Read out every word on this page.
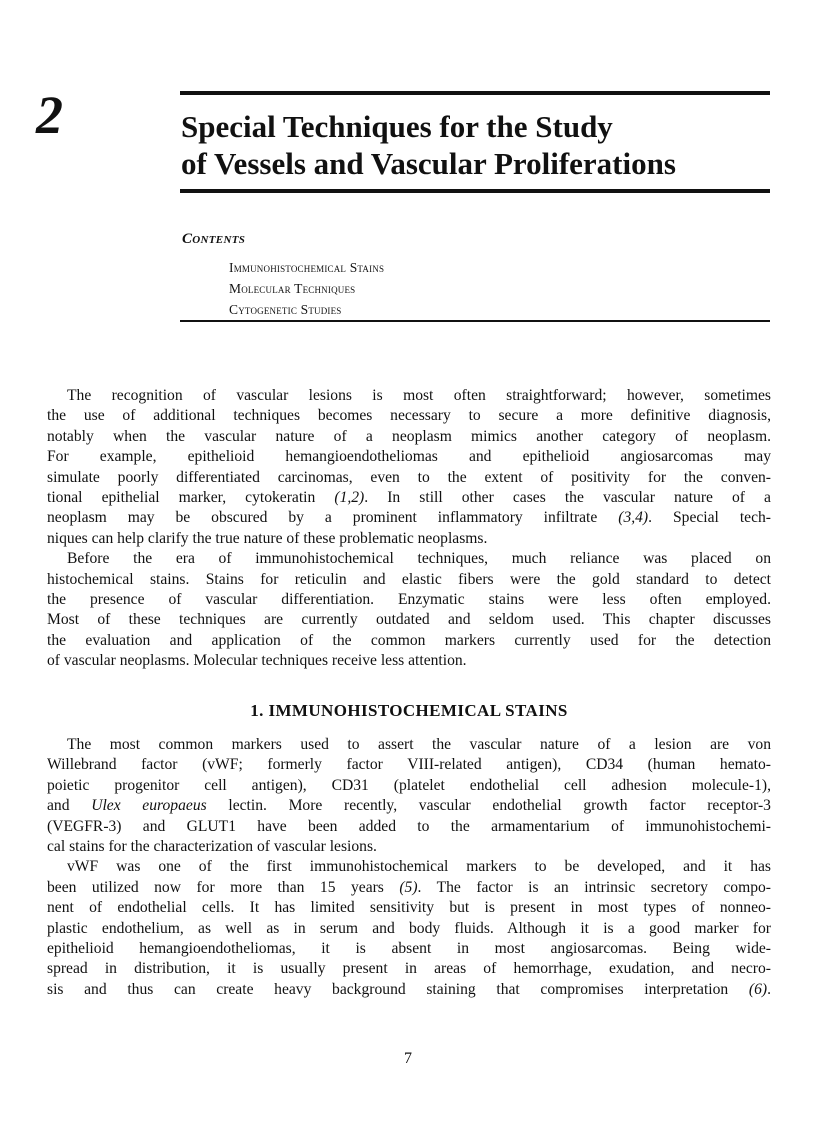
2	Special Techniques for the Study
of Vessels and Vascular Proliferations
Contents
Immunohistochemical Stains
Molecular Techniques
Cytogenetic Studies
The recognition of vascular lesions is most often straightforward; however, sometimes
the use of additional techniques becomes necessary to secure a more definitive diagnosis,
notably when the vascular nature of a neoplasm mimics another category of neoplasm.
For example, epithelioid hemangioendotheliomas and epithelioid angiosarcomas may
simulate poorly differentiated carcinomas, even to the extent of positivity for the conven-
tional epithelial marker, cytokeratin (1,2). In still other cases the vascular nature of a
neoplasm may be obscured by a prominent inflammatory infiltrate (3,4). Special tech-
niques can help clarify the true nature of these problematic neoplasms.
Before the era of immunohistochemical techniques, much reliance was placed on
histochemical stains. Stains for reticulin and elastic fibers were the gold standard to detect
the presence of vascular differentiation. Enzymatic stains were less often employed.
Most of these techniques are currently outdated and seldom used. This chapter discusses
the evaluation and application of the common markers currently used for the detection
of vascular neoplasms. Molecular techniques receive less attention.
1. IMMUNOHISTOCHEMICAL STAINS
The most common markers used to assert the vascular nature of a lesion are von
Willebrand factor (vWF; formerly factor VIII-related antigen), CD34 (human hemato-
poietic progenitor cell antigen), CD31 (platelet endothelial cell adhesion molecule-1),
and Ulex europaeus lectin. More recently, vascular endothelial growth factor receptor-3
(VEGFR-3) and GLUT1 have been added to the armamentarium of immunohistochemi-
cal stains for the characterization of vascular lesions.
vWF was one of the first immunohistochemical markers to be developed, and it has
been utilized now for more than 15 years (5). The factor is an intrinsic secretory compo-
nent of endothelial cells. It has limited sensitivity but is present in most types of nonneo-
plastic endothelium, as well as in serum and body fluids. Although it is a good marker for
epithelioid hemangioendotheliomas, it is absent in most angiosarcomas. Being wide-
spread in distribution, it is usually present in areas of hemorrhage, exudation, and necro-
sis and thus can create heavy background staining that compromises interpretation (6).
7
